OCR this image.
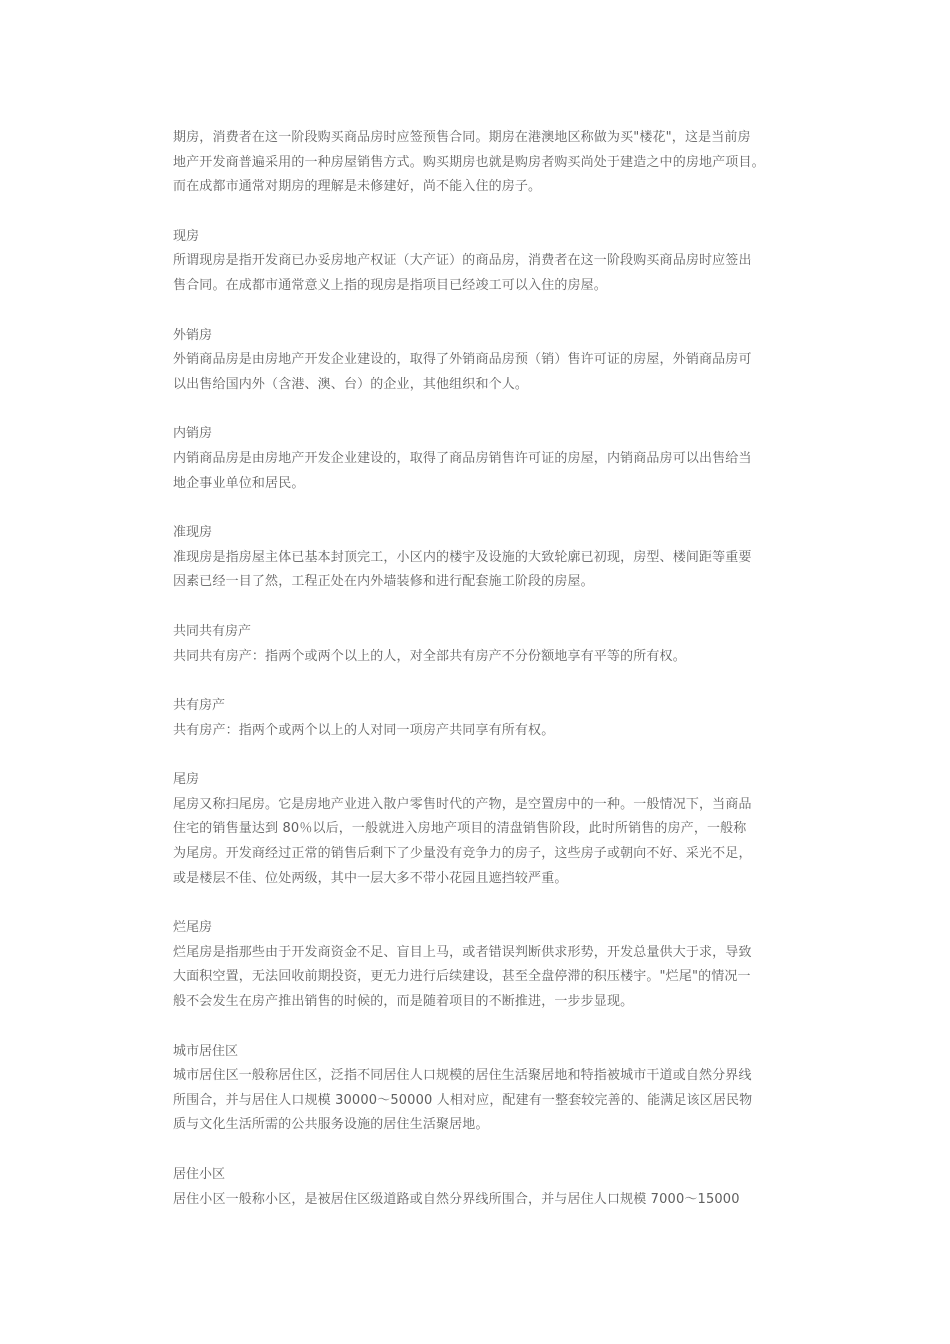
期房，消费者在这一阶段购买商品房时应签预售合同。期房在港澳地区称做为买"楼花"，这是当前房
地产开发商普遍采用的一种房屋销售方式。购买期房也就是购房者购买尚处于建造之中的房地产项目。
而在成都市通常对期房的理解是未修建好，尚不能入住的房子。
现房
所谓现房是指开发商已办妥房地产权证（大产证）的商品房，消费者在这一阶段购买商品房时应签出
售合同。在成都市通常意义上指的现房是指项目已经竣工可以入住的房屋。
外销房
外销商品房是由房地产开发企业建设的，取得了外销商品房预（销）售许可证的房屋，外销商品房可
以出售给国内外（含港、澳、台）的企业，其他组织和个人。
内销房
内销商品房是由房地产开发企业建设的，取得了商品房销售许可证的房屋，内销商品房可以出售给当
地企事业单位和居民。
准现房
准现房是指房屋主体已基本封顶完工，小区内的楼宇及设施的大致轮廓已初现，房型、楼间距等重要
因素已经一目了然，工程正处在内外墙装修和进行配套施工阶段的房屋。
共同共有房产
共同共有房产：指两个或两个以上的人，对全部共有房产不分份额地享有平等的所有权。
共有房产
共有房产：指两个或两个以上的人对同一项房产共同享有所有权。
尾房
尾房又称扫尾房。它是房地产业进入散户零售时代的产物，是空置房中的一种。一般情况下，当商品
住宅的销售量达到 80％以后，一般就进入房地产项目的清盘销售阶段，此时所销售的房产，一般称
为尾房。开发商经过正常的销售后剩下了少量没有竞争力的房子，这些房子或朝向不好、采光不足，
或是楼层不佳、位处两级，其中一层大多不带小花园且遮挡较严重。
烂尾房
烂尾房是指那些由于开发商资金不足、盲目上马，或者错误判断供求形势，开发总量供大于求，导致
大面积空置，无法回收前期投资，更无力进行后续建设，甚至全盘停滞的积压楼宇。"烂尾"的情况一
般不会发生在房产推出销售的时候的，而是随着项目的不断推进，一步步显现。
城市居住区
城市居住区一般称居住区，泛指不同居住人口规模的居住生活聚居地和特指被城市干道或自然分界线
所围合，并与居住人口规模 30000～50000 人相对应，配建有一整套较完善的、能满足该区居民物
质与文化生活所需的公共服务设施的居住生活聚居地。
居住小区
居住小区一般称小区，是被居住区级道路或自然分界线所围合，并与居住人口规模 7000～15000
